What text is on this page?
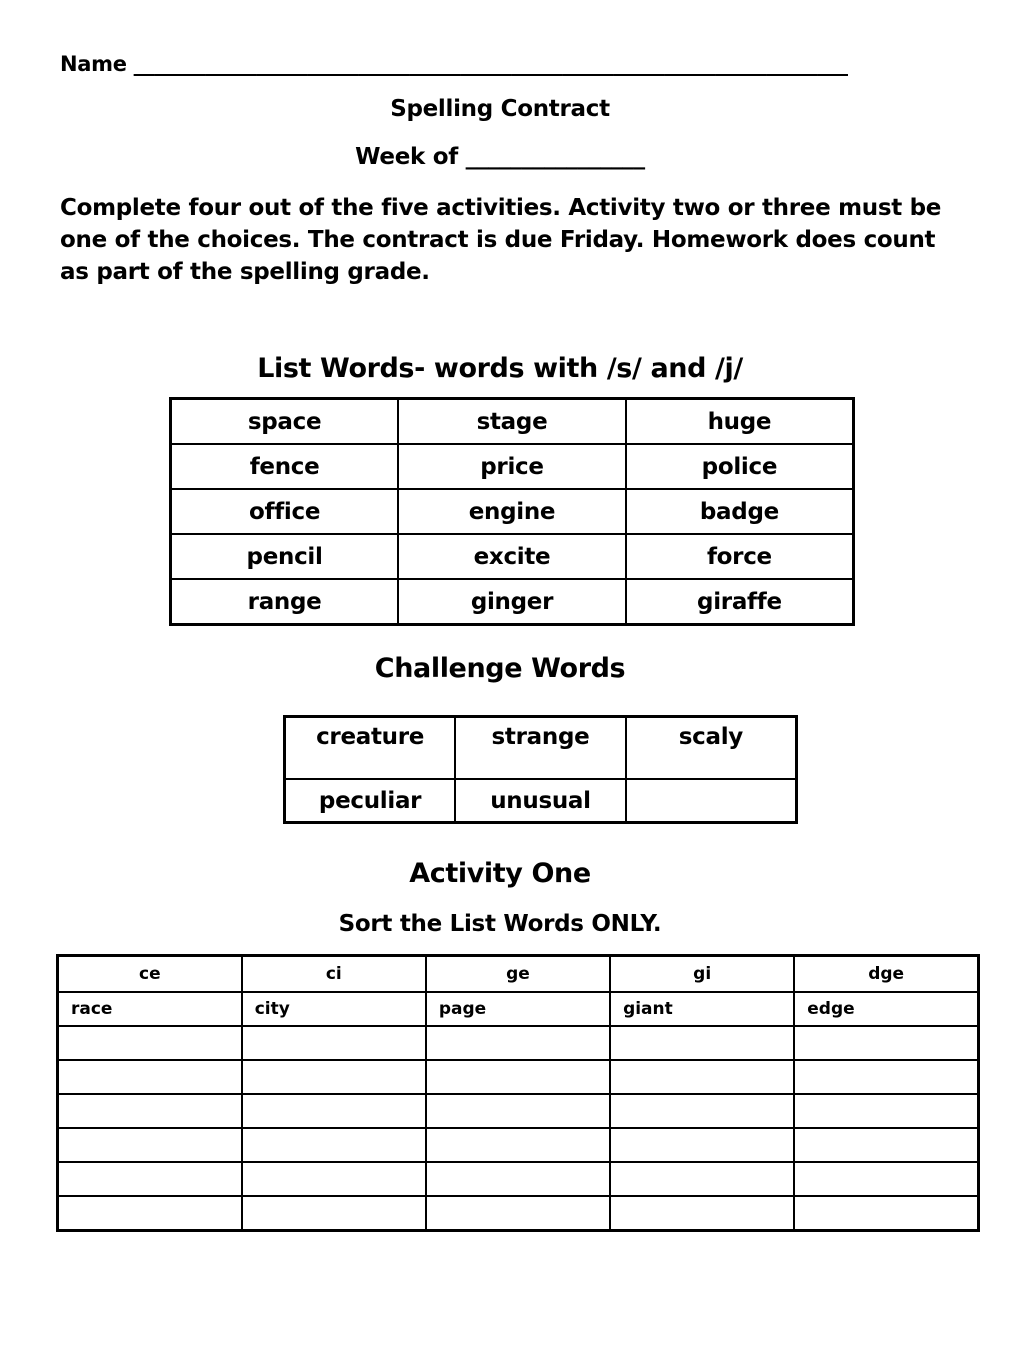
Name ______________________________________________________________________
Spelling Contract
Week of ________________
Complete four out of the five activities. Activity two or three must be one of the choices. The contract is due Friday. Homework does count as part of the spelling grade.
List Words- words with /s/ and /j/
space	stage	huge
fence	price	police
office	engine	badge
pencil	excite	force
range	ginger	giraffe
Challenge Words
creature	strange	scaly
peculiar	unusual	
Activity One
Sort the List Words ONLY.
ce	ci	ge	gi	dge
race	city	page	giant	edge
